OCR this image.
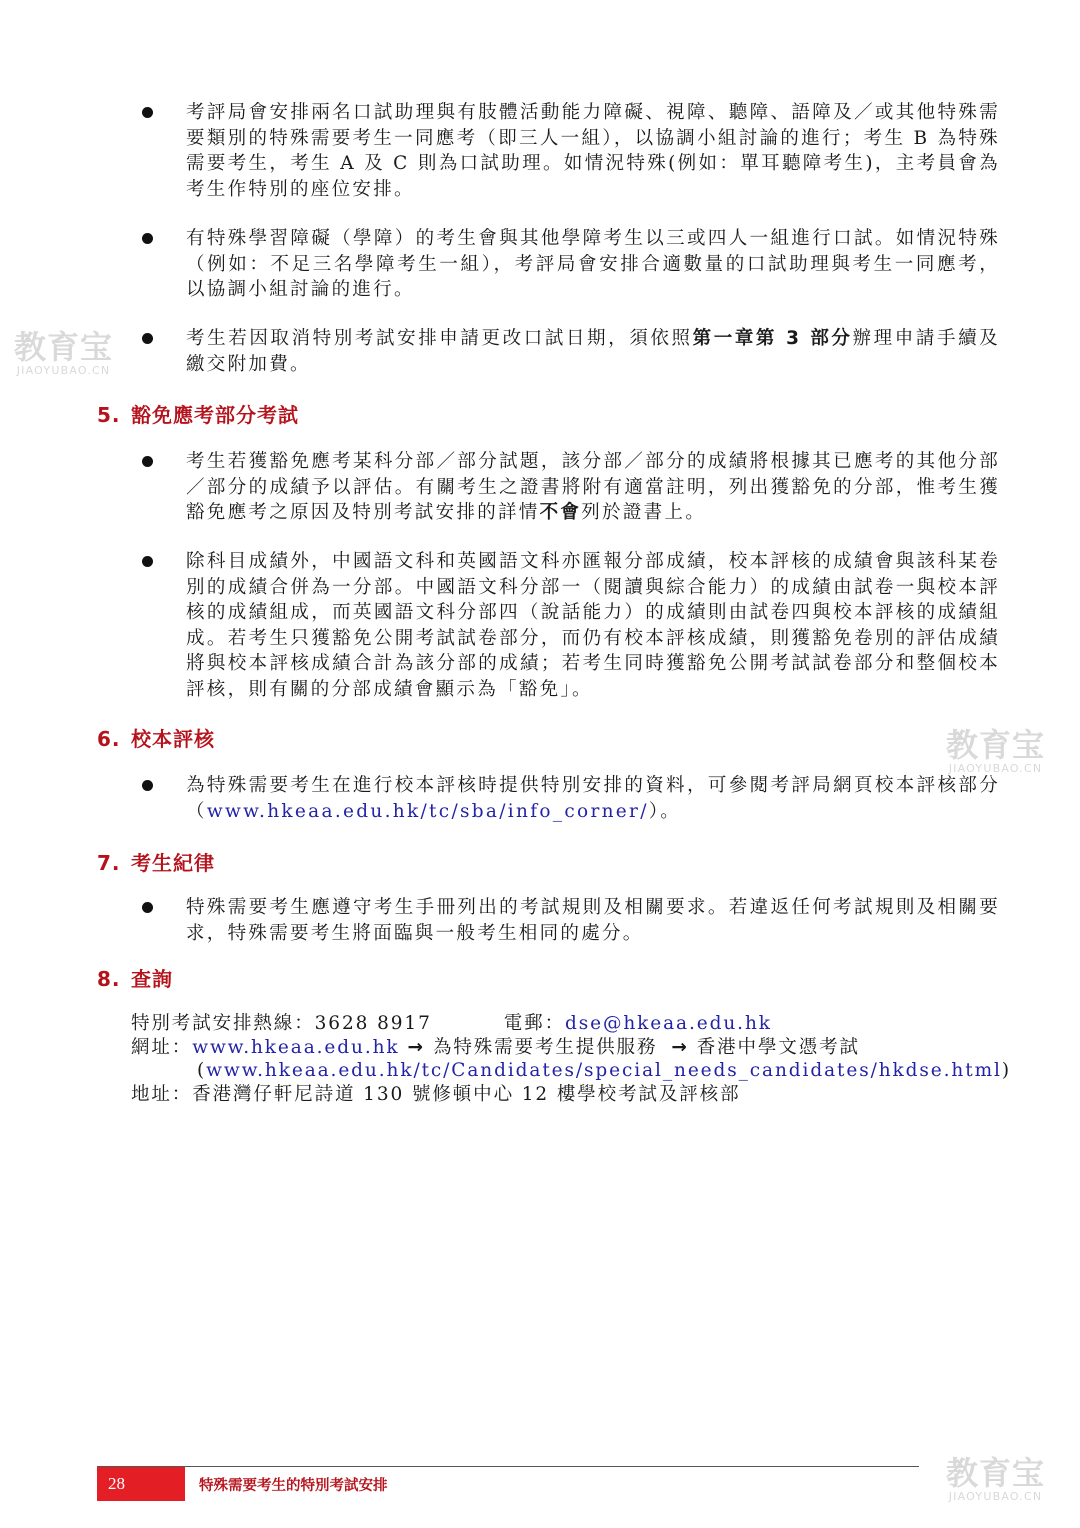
考評局會安排兩名口試助理與有肢體活動能力障礙、視障、聽障、語障及／或其他特殊需要類別的特殊需要考生一同應考（即三人一組），以協調小組討論的進行；考生 B 為特殊需要考生，考生 A 及 C 則為口試助理。如情況特殊(例如：單耳聽障考生)，主考員會為考生作特別的座位安排。
有特殊學習障礙（學障）的考生會與其他學障考生以三或四人一組進行口試。如情況特殊（例如：不足三名學障考生一組），考評局會安排合適數量的口試助理與考生一同應考，以協調小組討論的進行。
考生若因取消特別考試安排申請更改口試日期，須依照第一章第 3 部分辦理申請手續及繳交附加費。
5. 豁免應考部分考試
考生若獲豁免應考某科分部／部分試題，該分部／部分的成績將根據其已應考的其他分部／部分的成績予以評估。有關考生之證書將附有適當註明，列出獲豁免的分部，惟考生獲豁免應考之原因及特別考試安排的詳情不會列於證書上。
除科目成績外，中國語文科和英國語文科亦匯報分部成績，校本評核的成績會與該科某卷別的成績合併為一分部。中國語文科分部一（閱讀與綜合能力）的成績由試卷一與校本評核的成績組成，而英國語文科分部四（說話能力）的成績則由試卷四與校本評核的成績組成。若考生只獲豁免公開考試試卷部分，而仍有校本評核成績，則獲豁免卷別的評估成績將與校本評核成績合計為該分部的成績；若考生同時獲豁免公開考試試卷部分和整個校本評核，則有關的分部成績會顯示為「豁免」。
6. 校本評核
為特殊需要考生在進行校本評核時提供特別安排的資料，可參閱考評局網頁校本評核部分（www.hkeaa.edu.hk/tc/sba/info_corner/）。
7. 考生紀律
特殊需要考生應遵守考生手冊列出的考試規則及相關要求。若違返任何考試規則及相關要求，特殊需要考生將面臨與一般考生相同的處分。
8. 查詢
特別考試安排熱線：3628 8917	電郵：dse@hkeaa.edu.hk
網址：www.hkeaa.edu.hk → 為特殊需要考生提供服務 → 香港中學文憑考試
(www.hkeaa.edu.hk/tc/Candidates/special_needs_candidates/hkdse.html)
地址：香港灣仔軒尼詩道 130 號修頓中心 12 樓學校考試及評核部
教育宝
JIAOYUBAO.CN
教育宝
JIAOYUBAO.CN
教育宝
JIAOYUBAO.CN
28	特殊需要考生的特別考試安排
